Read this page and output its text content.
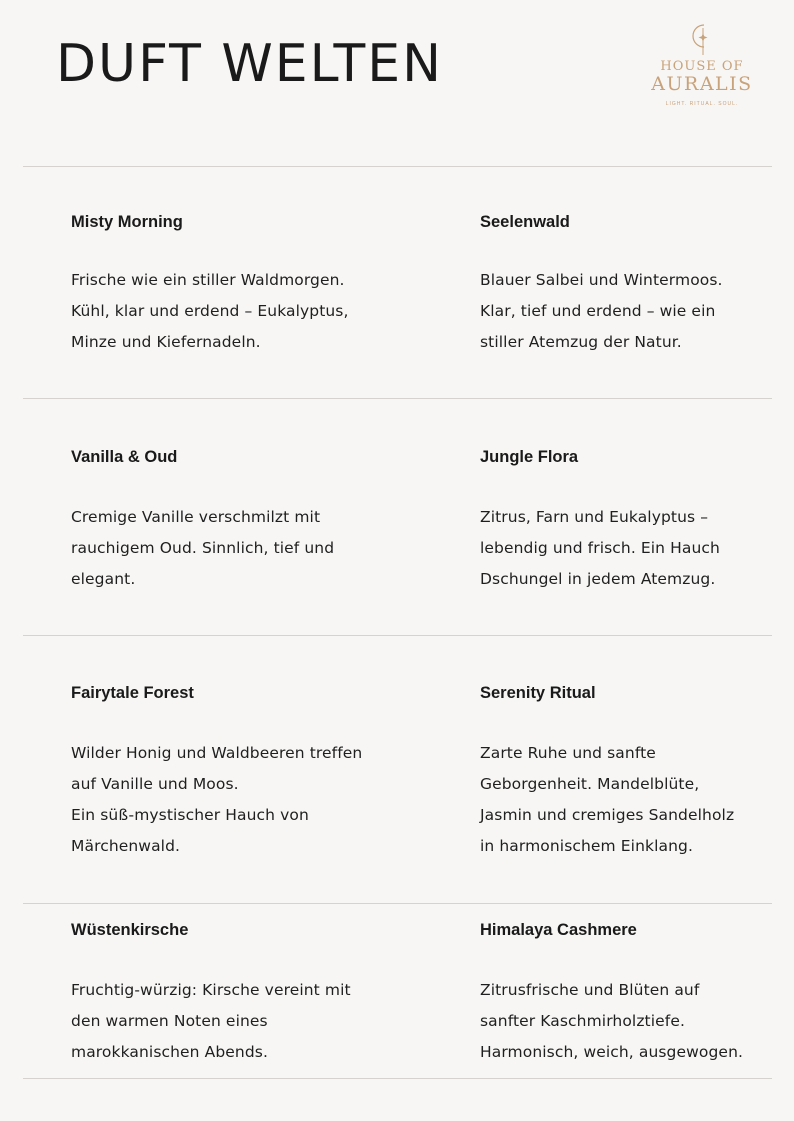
DUFT WELTEN	HOUSE OF
AURALIS
LIGHT. RITUAL. SOUL.
Misty Morning
Frische wie ein stiller Waldmorgen.
Kühl, klar und erdend – Eukalyptus,
Minze und Kiefernadeln.
Seelenwald
Blauer Salbei und Wintermoos.
Klar, tief und erdend – wie ein
stiller Atemzug der Natur.
Vanilla & Oud
Cremige Vanille verschmilzt mit
rauchigem Oud. Sinnlich, tief und
elegant.
Jungle Flora
Zitrus, Farn und Eukalyptus –
lebendig und frisch. Ein Hauch
Dschungel in jedem Atemzug.
Fairytale Forest
Wilder Honig und Waldbeeren treffen
auf Vanille und Moos.
Ein süß-mystischer Hauch von
Märchenwald.
Serenity Ritual
Zarte Ruhe und sanfte
Geborgenheit. Mandelblüte,
Jasmin und cremiges Sandelholz
in harmonischem Einklang.
Wüstenkirsche
Fruchtig-würzig: Kirsche vereint mit
den warmen Noten eines
marokkanischen Abends.
Himalaya Cashmere
Zitrusfrische und Blüten auf
sanfter Kaschmirholztiefe.
Harmonisch, weich, ausgewogen.
